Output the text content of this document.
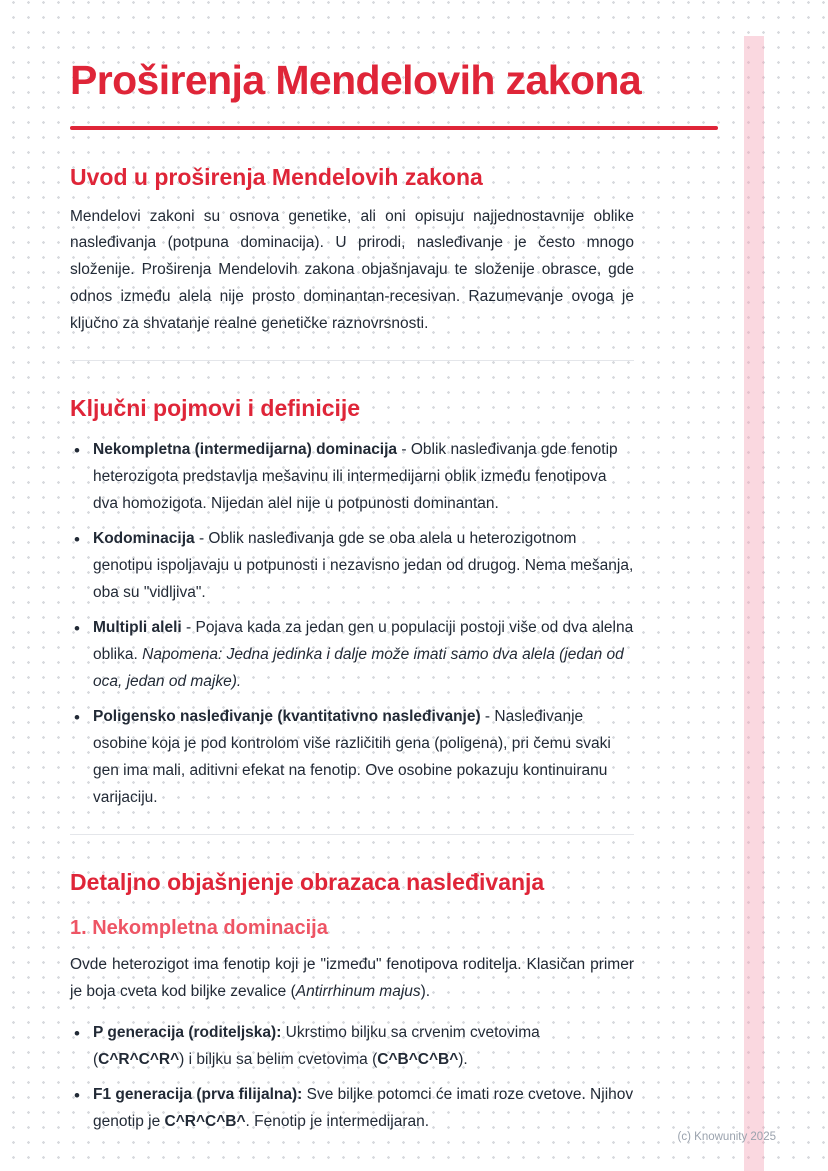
Proširenja Mendelovih zakona
Uvod u proširenja Mendelovih zakona

Mendelovi zakoni su osnova genetike, ali oni opisuju najjednostavnije oblike nasleđivanja (potpuna dominacija). U prirodi, nasleđivanje je često mnogo složenije. Proširenja Mendelovih zakona objašnjavaju te složenije obrasce, gde odnos između alela nije prosto dominantan-recesivan. Razumevanje ovoga je ključno za shvatanje realne genetičke raznovrsnosti.

Ključni pojmovi i definicije
• Nekompletna (intermedijarna) dominacija - Oblik nasleđivanja gde fenotip heterozigota predstavlja mešavinu ili intermedijarni oblik između fenotipova dva homozigota. Nijedan alel nije u potpunosti dominantan.
• Kodominacija - Oblik nasleđivanja gde se oba alela u heterozigotnom genotipu ispoljavaju u potpunosti i nezavisno jedan od drugog. Nema mešanja, oba su "vidljiva".
• Multipli aleli - Pojava kada za jedan gen u populaciji postoji više od dva alelna oblika. Napomena: Jedna jedinka i dalje može imati samo dva alela (jedan od oca, jedan od majke).
• Poligensko nasleđivanje (kvantitativno nasleđivanje) - Nasleđivanje osobine koja je pod kontrolom više različitih gena (poligena), pri čemu svaki gen ima mali, aditivni efekat na fenotip. Ove osobine pokazuju kontinuiranu varijaciju.
Detaljno objašnjenje obrazaca nasleđivanja
1. Nekompletna dominacija

Ovde heterozigot ima fenotip koji je "između" fenotipova roditelja. Klasičan primer je boja cveta kod biljke zevalice (Antirrhinum majus).

• P generacija (roditeljska): Ukrstimo biljku sa crvenim cvetovima (C^R^C^R^) i biljku sa belim cvetovima (C^B^C^B^).
• F1 generacija (prva filijalna): Sve biljke potomci će imati roze cvetove. Njihov genotip je C^R^C^B^. Fenotip je intermedijaran.
(c) Knowunity 2025
